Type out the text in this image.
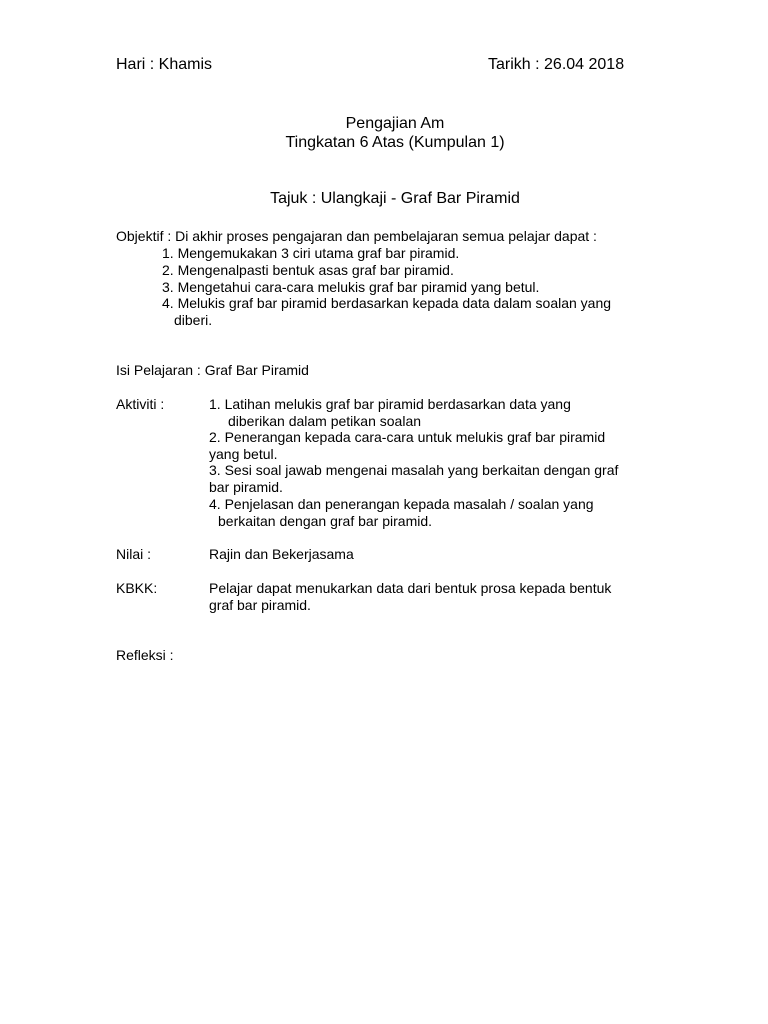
Hari : Khamis	Tarikh : 26.04 2018
Pengajian Am
Tingkatan 6 Atas (Kumpulan 1)
Tajuk : Ulangkaji - Graf Bar Piramid
Objektif : Di akhir proses pengajaran dan pembelajaran semua pelajar dapat :
1. Mengemukakan 3 ciri utama graf bar piramid.
2. Mengenalpasti bentuk asas graf bar piramid.
3. Mengetahui cara-cara melukis graf bar piramid yang betul.
4. Melukis graf bar piramid berdasarkan kepada data dalam soalan yang
diberi.
Isi Pelajaran : Graf Bar Piramid
Aktiviti :	1. Latihan melukis graf bar piramid berdasarkan data yang
diberikan dalam petikan soalan
2. Penerangan kepada cara-cara untuk melukis graf bar piramid
yang betul.
3. Sesi soal jawab mengenai masalah yang berkaitan dengan graf
bar piramid.
4. Penjelasan dan penerangan kepada masalah / soalan yang
berkaitan dengan graf bar piramid.
Nilai :	Rajin dan Bekerjasama
KBKK:	Pelajar dapat menukarkan data dari bentuk prosa kepada bentuk
graf bar piramid.
Refleksi :
